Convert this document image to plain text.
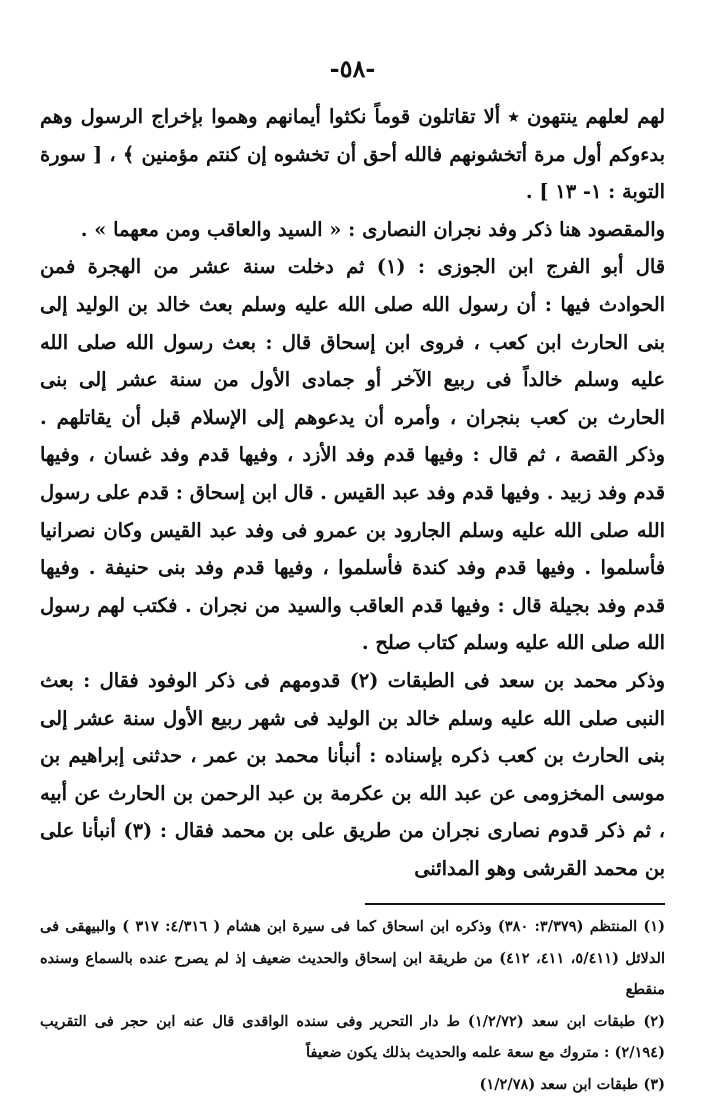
-٥٨-

لهم لعلهم ينتهون ٭ ألا تقاتلون قوماً نكثوا أيمانهم وهموا بإخراج الرسول وهم بدءوكم أول مرة أتخشونهم فالله أحق أن تخشوه إن كنتم مؤمنين ﴾ ، [ سورة التوبة : ١- ١٣ ] .

والمقصود هنا ذكر وفد نجران النصارى : « السيد والعاقب ومن معهما » .

قال أبو الفرج ابن الجوزى : (١) ثم دخلت سنة عشر من الهجرة فمن الحوادث فيها : أن رسول الله صلى الله عليه وسلم بعث خالد بن الوليد إلى بنى الحارث ابن كعب ، فروى ابن إسحاق قال : بعث رسول الله صلى الله عليه وسلم خالداً فى ربيع الآخر أو جمادى الأول من سنة عشر إلى بنى الحارث بن كعب بنجران ، وأمره أن يدعوهم إلى الإسلام قبل أن يقاتلهم . وذكر القصة ، ثم قال : وفيها قدم وفد الأزد ، وفيها قدم وفد غسان ، وفيها قدم وفد زبيد . وفيها قدم وفد عبد القيس . قال ابن إسحاق : قدم على رسول الله صلى الله عليه وسلم الجارود بن عمرو فى وفد عبد القيس وكان نصرانيا فأسلموا . وفيها قدم وفد كندة فأسلموا ، وفيها قدم وفد بنى حنيفة . وفيها قدم وفد بجيلة قال : وفيها قدم العاقب والسيد من نجران . فكتب لهم رسول الله صلى الله عليه وسلم كتاب صلح .

وذكر محمد بن سعد فى الطبقات (٢) قدومهم فى ذكر الوفود فقال : بعث النبى صلى الله عليه وسلم خالد بن الوليد فى شهر ربيع الأول سنة عشر إلى بنى الحارث بن كعب ذكره بإسناده : أنبأنا محمد بن عمر ، حدثنى إبراهيم بن موسى المخزومى عن عبد الله بن عكرمة بن عبد الرحمن بن الحارث عن أبيه ، ثم ذكر قدوم نصارى نجران من طريق على بن محمد فقال : (٣) أنبأنا على بن محمد القرشى وهو المدائنى

(١) المنتظم (٣/٣٧٩: ٣٨٠) وذكره ابن اسحاق كما فى سيرة ابن هشام ( ٤/٣١٦: ٣١٧ ) والبيهقى فى الدلائل (٥/٤١١، ٤١١، ٤١٢) من طريقة ابن إسحاق والحديث ضعيف إذ لم يصرح عنده بالسماع وسنده منقطع

(٢) طبقات ابن سعد (١/٢/٧٢) ط دار التحرير وفى سنده الواقدى قال عنه ابن حجر فى التقريب (٢/١٩٤) : متروك مع سعة علمه والحديث بذلك يكون ضعيفاً

(٣) طبقات ابن سعد (١/٢/٧٨)
